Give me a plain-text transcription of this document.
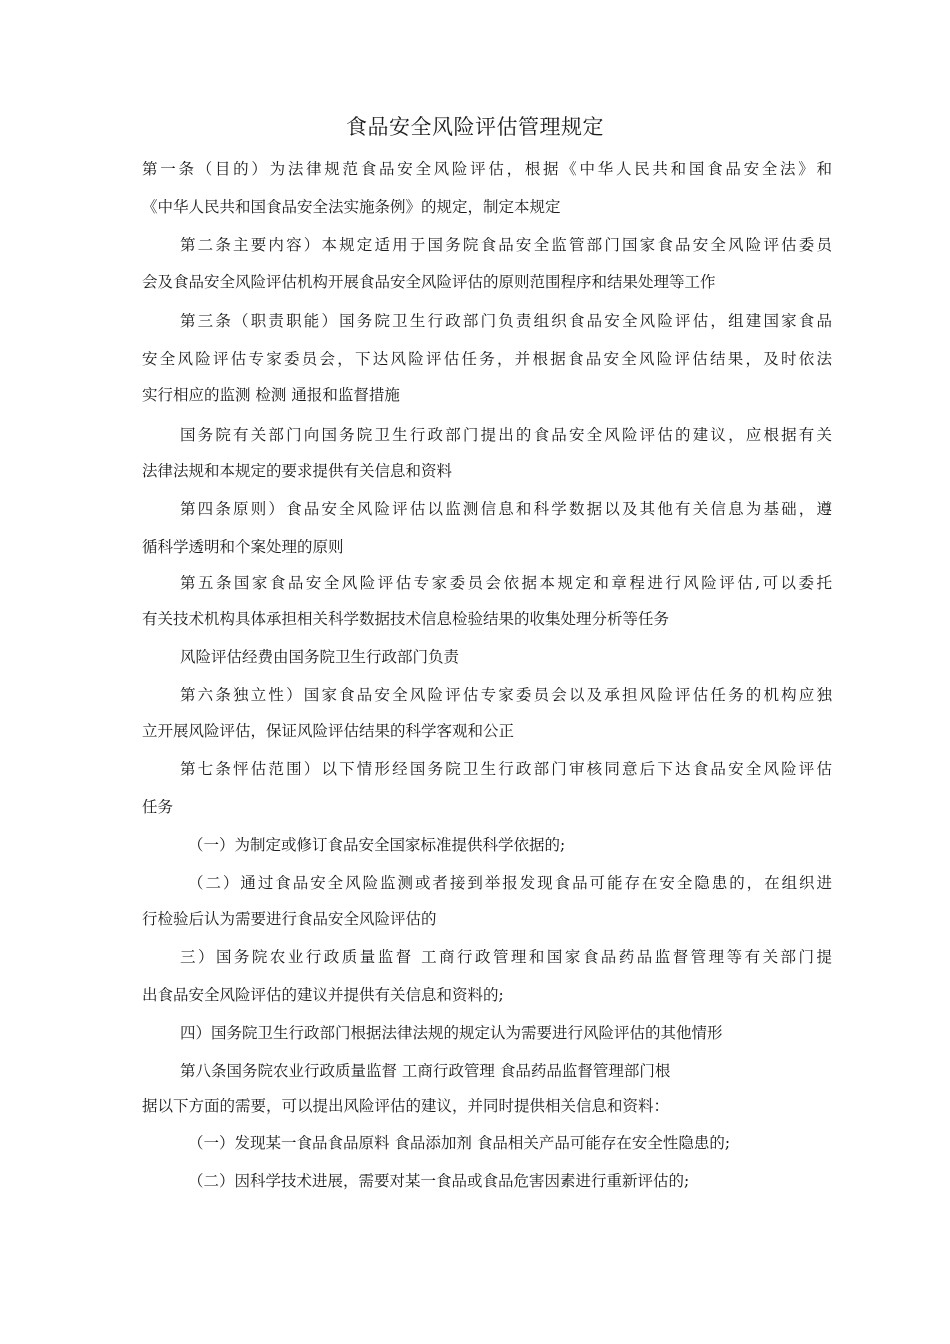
食品安全风险评估管理规定
第一条（目的）为法律规范食品安全风险评估，根据《中华人民共和国食品安全法》和
《中华人民共和国食品安全法实施条例》的规定，制定本规定
第二条主要内容）本规定适用于国务院食品安全监管部门国家食品安全风险评估委员
会及食品安全风险评估机构开展食品安全风险评估的原则范围程序和结果处理等工作
第三条（职责职能）国务院卫生行政部门负责组织食品安全风险评估，组建国家食品
安全风险评估专家委员会，下达风险评估任务，并根据食品安全风险评估结果，及时依法
实行相应的监测 检测 通报和监督措施
国务院有关部门向国务院卫生行政部门提出的食品安全风险评估的建议，应根据有关
法律法规和本规定的要求提供有关信息和资料
第四条原则）食品安全风险评估以监测信息和科学数据以及其他有关信息为基础，遵
循科学透明和个案处理的原则
第五条国家食品安全风险评估专家委员会依据本规定和章程进行风险评估,可以委托
有关技术机构具体承担相关科学数据技术信息检验结果的收集处理分析等任务
风险评估经费由国务院卫生行政部门负责
第六条独立性）国家食品安全风险评估专家委员会以及承担风险评估任务的机构应独
立开展风险评估，保证风险评估结果的科学客观和公正
第七条怦估范围）以下情形经国务院卫生行政部门审核同意后下达食品安全风险评估
任务
（一）为制定或修订食品安全国家标准提供科学依据的;
（二）通过食品安全风险监测或者接到举报发现食品可能存在安全隐患的，在组织进
行检验后认为需要进行食品安全风险评估的
三）国务院农业行政质量监督 工商行政管理和国家食品药品监督管理等有关部门提
出食品安全风险评估的建议并提供有关信息和资料的;
四）国务院卫生行政部门根据法律法规的规定认为需要进行风险评估的其他情形
第八条国务院农业行政质量监督 工商行政管理 食品药品监督管理部门根
据以下方面的需要，可以提出风险评估的建议，并同时提供相关信息和资料：
（一）发现某一食品食品原料 食品添加剂 食品相关产品可能存在安全性隐患的;
（二）因科学技术进展，需要对某一食品或食品危害因素进行重新评估的;
